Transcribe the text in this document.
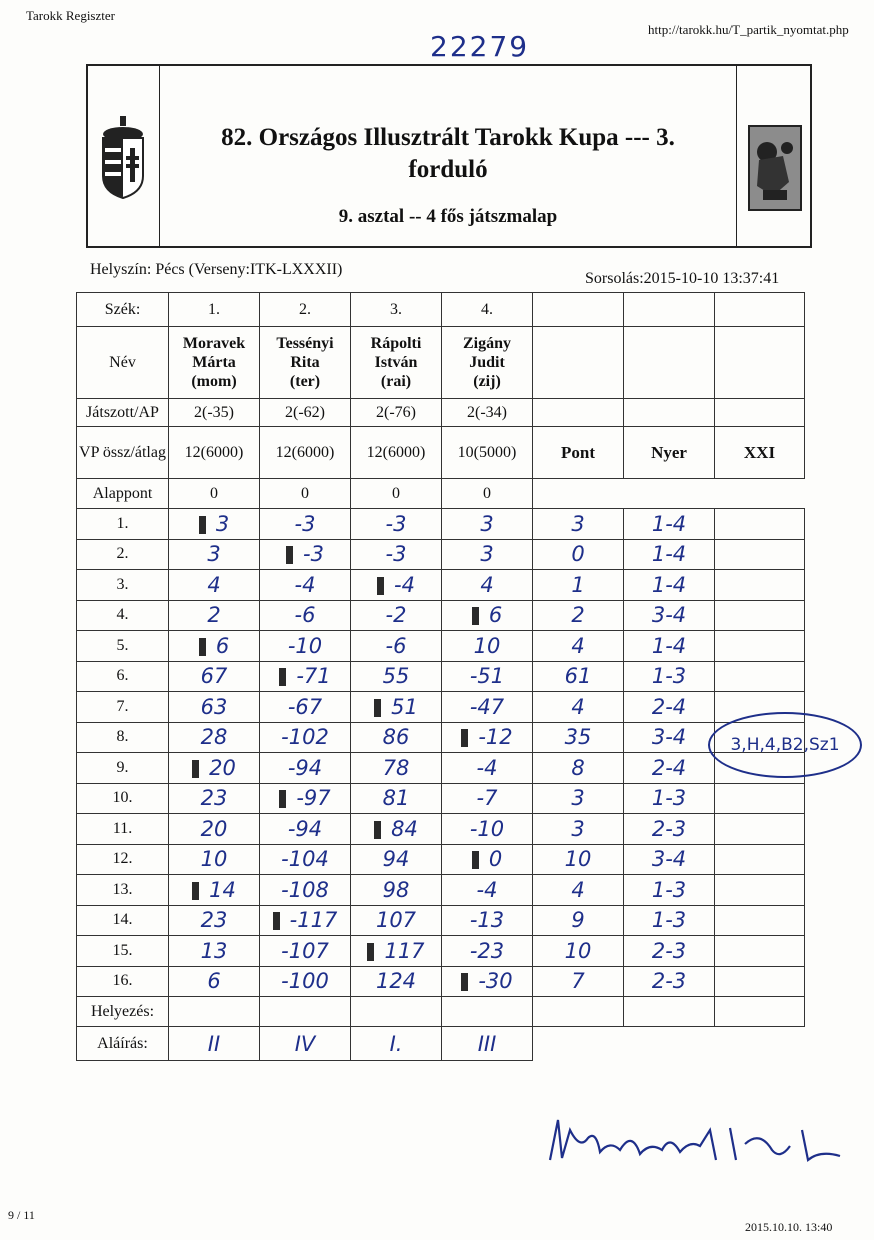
Tarokk Regiszter
http://tarokk.hu/T_partik_nyomtat.php
22279
82. Országos Illusztrált Tarokk Kupa --- 3.
forduló
9. asztal -- 4 fős játszmalap
Helyszín: Pécs (Verseny:ITK-LXXXII)
Sorsolás:2015-10-10 13:37:41
Szék:	1.	2.	3.	4.			
Név	Moravek
Márta
(mom)	Tessényi
Rita
(ter)	Rápolti
István
(rai)	Zigány
Judit
(zij)			
Játszott/AP	2(-35)	2(-62)	2(-76)	2(-34)			
VP össz/átlag	12(6000)	12(6000)	12(6000)	10(5000)	Pont	Nyer	XXI
Alappont	0	0	0	0			
1.	3	-3	-3	3	3	1-4	
2.	3	-3	-3	3	0	1-4	
3.	4	-4	-4	4	1	1-4	
4.	2	-6	-2	6	2	3-4	
5.	6	-10	-6	10	4	1-4	
6.	67	-71	55	-51	61	1-3	
7.	63	-67	51	-47	4	2-4	
8.	28	-102	86	-12	35	3-4	
9.	20	-94	78	-4	8	2-4	
10.	23	-97	81	-7	3	1-3	
11.	20	-94	84	-10	3	2-3	
12.	10	-104	94	0	10	3-4	
13.	14	-108	98	-4	4	1-3	
14.	23	-117	107	-13	9	1-3	
15.	13	-107	117	-23	10	2-3	
16.	6	-100	124	-30	7	2-3	
Helyezés:							
Aláírás:	II	IV	I.	III			
3,H,4,B2,Sz1
9 / 11
2015.10.10. 13:40
